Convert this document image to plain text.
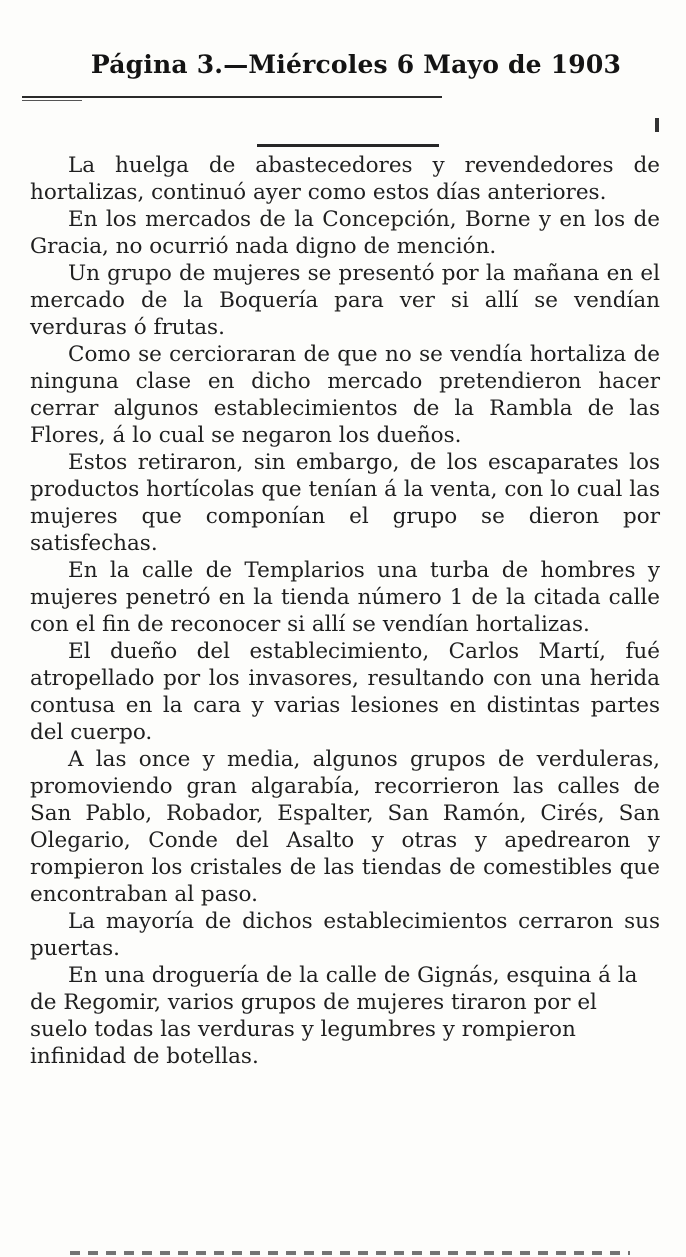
Página 3.—Miércoles 6 Mayo de 1903

La huelga de abastecedores y revendedores de hortalizas, continuó ayer como estos días anteriores.

En los mercados de la Concepción, Borne y en los de Gracia, no ocurrió nada digno de mención.

Un grupo de mujeres se presentó por la mañana en el mercado de la Boquería para ver si allí se vendían verduras ó frutas.

Como se cercioraran de que no se vendía hortaliza de ninguna clase en dicho mercado pretendieron hacer cerrar algunos establecimientos de la Rambla de las Flores, á lo cual se negaron los dueños.

Estos retiraron, sin embargo, de los escaparates los productos hortícolas que tenían á la venta, con lo cual las mujeres que componían el grupo se dieron por satisfechas.

En la calle de Templarios una turba de hombres y mujeres penetró en la tienda número 1 de la citada calle con el fin de reconocer si allí se vendían hortalizas.

El dueño del establecimiento, Carlos Martí, fué atropellado por los invasores, resultando con una herida contusa en la cara y varias lesiones en distintas partes del cuerpo.

A las once y media, algunos grupos de verduleras, promoviendo gran algarabía, recorrieron las calles de San Pablo, Robador, Espalter, San Ramón, Cirés, San Olegario, Conde del Asalto y otras y apedrearon y rompieron los cristales de las tiendas de comestibles que encontraban al paso.

La mayoría de dichos establecimientos cerraron sus puertas.

En una droguería de la calle de Gignás, esquina á la de Regomir, varios grupos de mujeres tiraron por el suelo todas las verduras y legumbres y rompieron infinidad de botellas.
